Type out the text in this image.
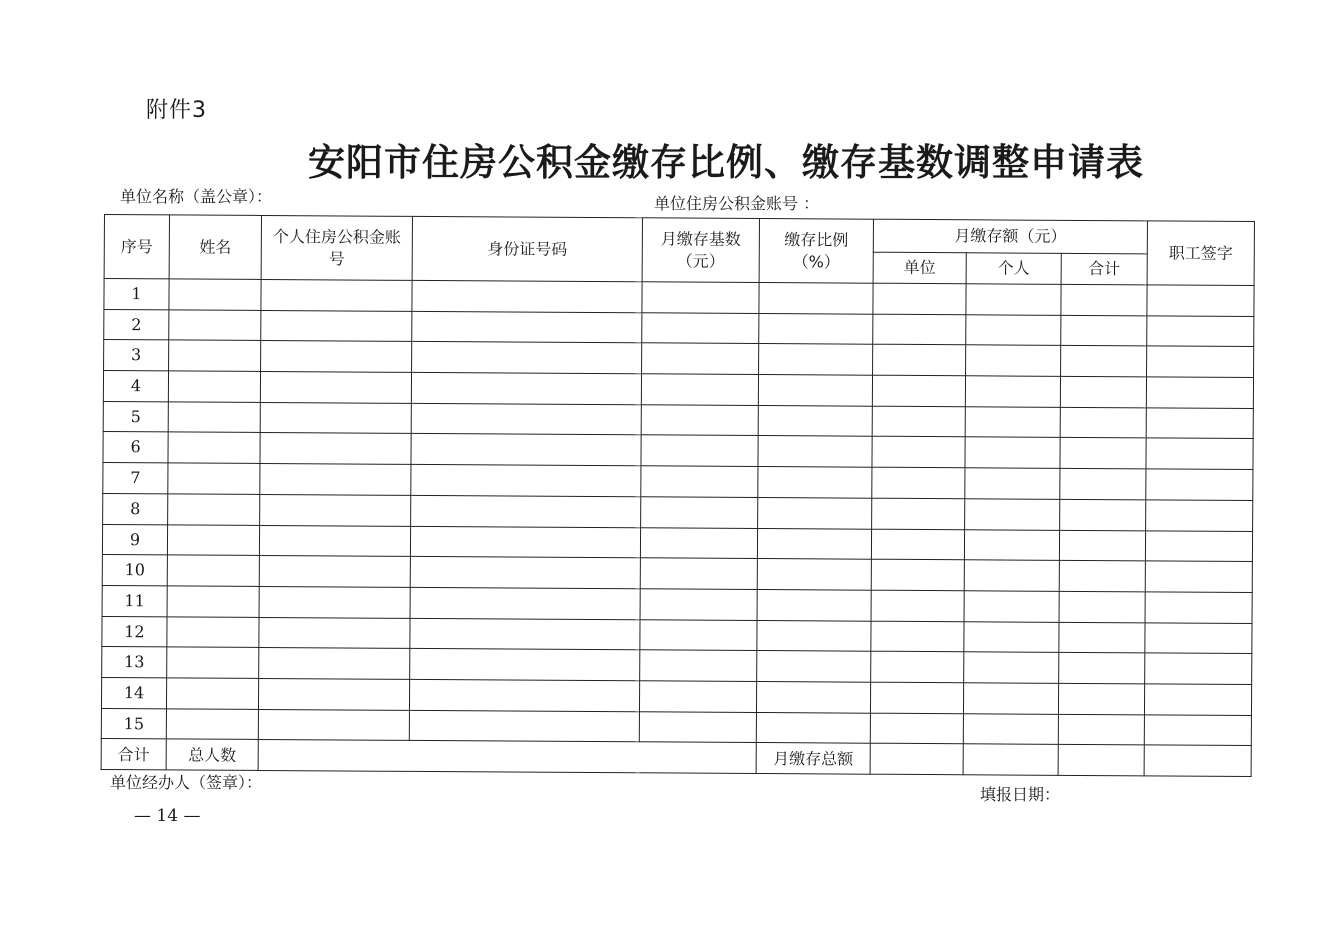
附件3
安阳市住房公积金缴存比例、缴存基数调整申请表
单位名称（盖公章）：	单位住房公积金账号 ：
序号	姓名	个人住房公积金账号	身份证号码	月缴存基数（元）	缴存比例（%）	月缴存额（元）			职工签字
						单位	个人	合计	
1									
2									
3									
4									
5									
6									
7									
8									
9									
10									
11									
12									
13									
14									
15									
合计	总人数				月缴存总额				
单位经办人（签章）：
填报日期：
— 14 —
